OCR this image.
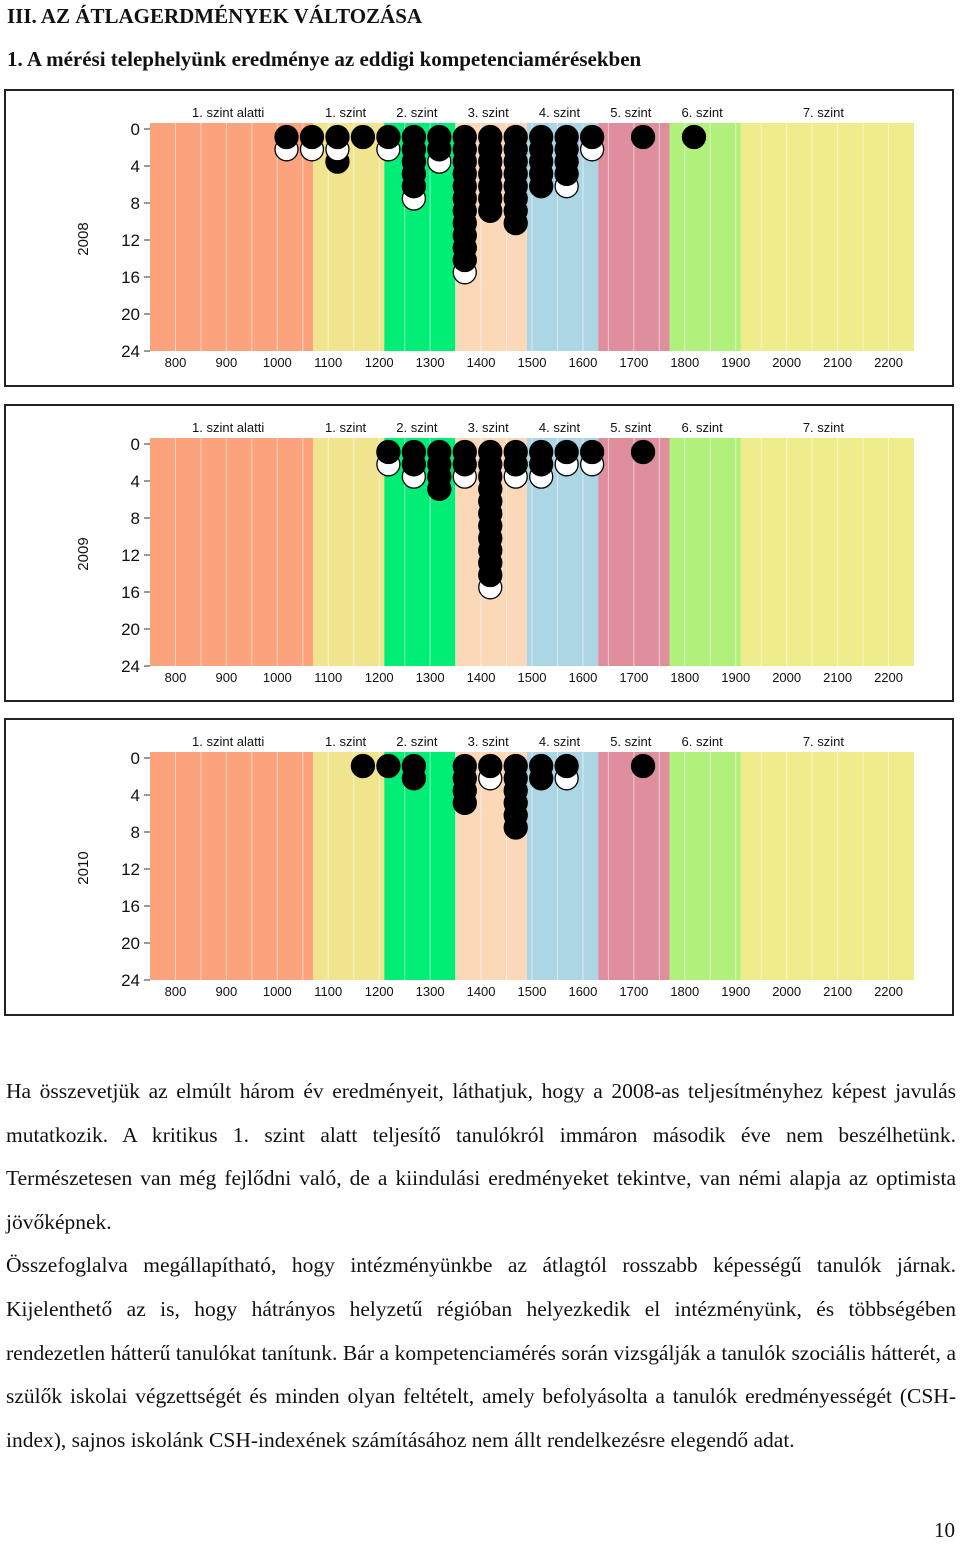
III. AZ ÁTLAGERDMÉNYEK VÁLTOZÁSA
1. A mérési telephelyünk eredménye az eddigi kompetenciamérésekben
1. szint alatti	1. szint 2. szint 3. szint 4. szint 5. szint 6. szint	7. szint
0
4
8
12
16
20
24
800 900 1000 1100 1200 1300 1400 1500 1600 1700 1800 1900 2000 2100 2200
2008
1. szint alatti	1. szint 2. szint 3. szint 4. szint 5. szint 6. szint	7. szint
0
4
8
12
16
20
24
800 900 1000 1100 1200 1300 1400 1500 1600 1700 1800 1900 2000 2100 2200
2009
1. szint alatti	1. szint 2. szint 3. szint 4. szint 5. szint 6. szint	7. szint
0
4
8
12
16
20
24
800 900 1000 1100 1200 1300 1400 1500 1600 1700 1800 1900 2000 2100 2200
2010

Ha összevetjük az elmúlt három év eredményeit, láthatjuk, hogy a 2008-as teljesítményhez képest javulás mutatkozik. A kritikus 1. szint alatt teljesítő tanulókról immáron második éve nem beszélhetünk. Természetesen van még fejlődni való, de a kiindulási eredményeket tekintve, van némi alapja az optimista jövőképnek.

Összefoglalva megállapítható, hogy intézményünkbe az átlagtól rosszabb képességű tanulók járnak. Kijelenthető az is, hogy hátrányos helyzetű régióban helyezkedik el intézményünk, és többségében rendezetlen hátterű tanulókat tanítunk. Bár a kompetenciamérés során vizsgálják a tanulók szociális hátterét, a szülők iskolai végzettségét és minden olyan feltételt, amely befolyásolta a tanulók eredményességét (CSH-index), sajnos iskolánk CSH-indexének számításához nem állt rendelkezésre elegendő adat.

10
